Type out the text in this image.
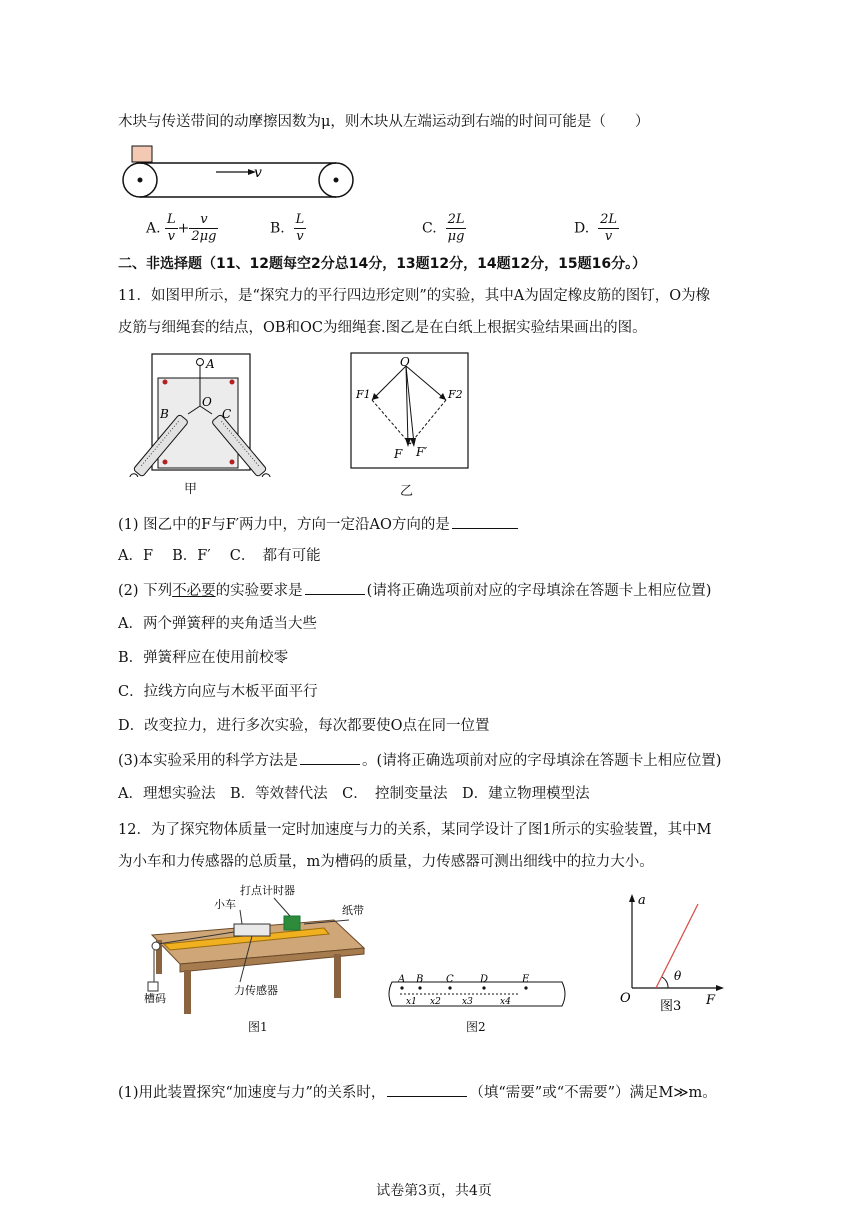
木块与传送带间的动摩擦因数为μ，则木块从左端运动到右端的时间可能是（　　）
v
A. $\frac{L}{v} + \frac{v}{2\mu g}$	B. $\frac{L}{v}$	C. $\frac{2L}{\mu g}$	D. $\frac{2L}{v}$
二、非选择题（11、12题每空2分总14分，13题12分，14题12分，15题16分。）
11．如图甲所示，是“探究力的平行四边形定则”的实验，其中A为固定橡皮筋的图钉，O为橡
皮筋与细绳套的结点，OB和OC为细绳套.图乙是在白纸上根据实验结果画出的图。
A
O
B	C
甲
O
F1	F2
F F′
乙
(1) 图乙中的F与F′两力中，方向一定沿AO方向的是
A．F　 B．F′　 C．　都有可能
(2) 下列不必要的实验要求是	(请将正确选项前对应的字母填涂在答题卡上相应位置)
A．两个弹簧秤的夹角适当大些
B．弹簧秤应在使用前校零
C．拉线方向应与木板平面平行
D．改变拉力，进行多次实验，每次都要使O点在同一位置
(3)本实验采用的科学方法是	。(请将正确选项前对应的字母填涂在答题卡上相应位置)
A．理想实验法　B．等效替代法　C．　控制变量法　D．建立物理模型法
12．为了探究物体质量一定时加速度与力的关系，某同学设计了图1所示的实验装置，其中M
为小车和力传感器的总质量，m为槽码的质量，力传感器可测出细线中的拉力大小。
小车
打点计时器
纸带
槽码
力传感器
图1
A B C	D	E
x1 x2 x3	x4
图2
a
O	F
θ
图3
(1)用此装置探究“加速度与力”的关系时，	（填“需要”或“不需要”）满足M≫m。
试卷第3页，共4页
